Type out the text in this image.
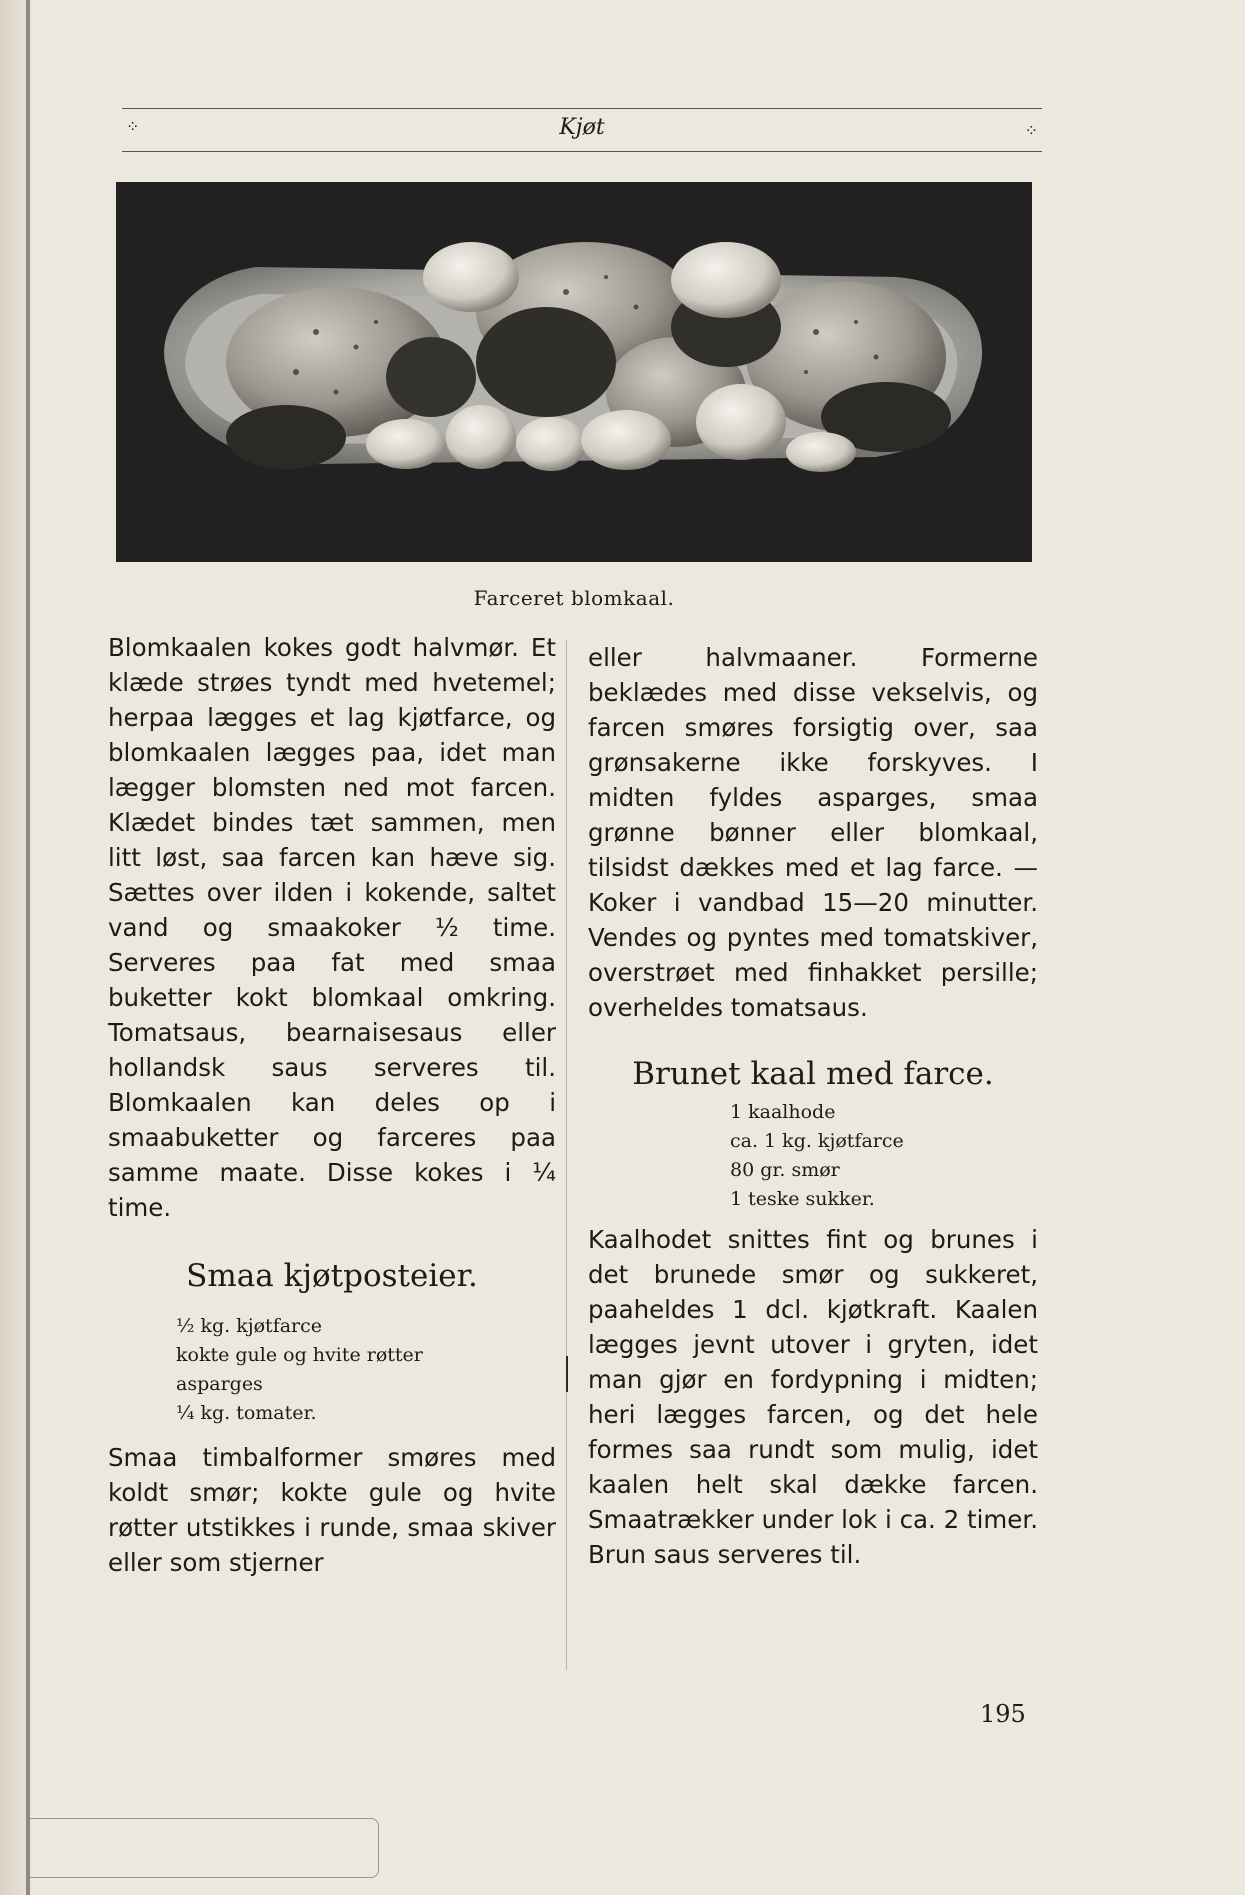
⁘	Kjøt	⁘
Farceret blomkaal.

Blomkaalen kokes godt halvmør. Et klæde strøes tyndt med hvetemel; herpaa lægges et lag kjøtfarce, og blomkaalen lægges paa, idet man lægger blomsten ned mot farcen. Klædet bindes tæt sammen, men litt løst, saa farcen kan hæve sig. Sættes over ilden i kokende, saltet vand og smaakoker ½ time. Serveres paa fat med smaa buketter kokt blomkaal omkring. Tomatsaus, bearnaisesaus eller hollandsk saus serveres til. Blomkaalen kan deles op i smaabuketter og farceres paa samme maate. Disse kokes i ¼ time.

Smaa kjøtposteier.
½ kg. kjøtfarce
kokte gule og hvite røtter
asparges
¼ kg. tomater.

Smaa timbalformer smøres med koldt smør; kokte gule og hvite røtter utstikkes i runde, smaa skiver eller som stjerner

eller halvmaaner. Formerne beklædes med disse vekselvis, og farcen smøres forsigtig over, saa grønsakerne ikke forskyves. I midten fyldes asparges, smaa grønne bønner eller blomkaal, tilsidst dækkes med et lag farce. — Koker i vandbad 15—20 minutter. Vendes og pyntes med tomatskiver, overstrøet med finhakket persille; overheldes tomatsaus.

Brunet kaal med farce.
1 kaalhode
ca. 1 kg. kjøtfarce
80 gr. smør
1 teske sukker.

Kaalhodet snittes fint og brunes i det brunede smør og sukkeret, paaheldes 1 dcl. kjøtkraft. Kaalen lægges jevnt utover i gryten, idet man gjør en fordypning i midten; heri lægges farcen, og det hele formes saa rundt som mulig, idet kaalen helt skal dække farcen. Smaatrækker under lok i ca. 2 timer. Brun saus serveres til.

195
